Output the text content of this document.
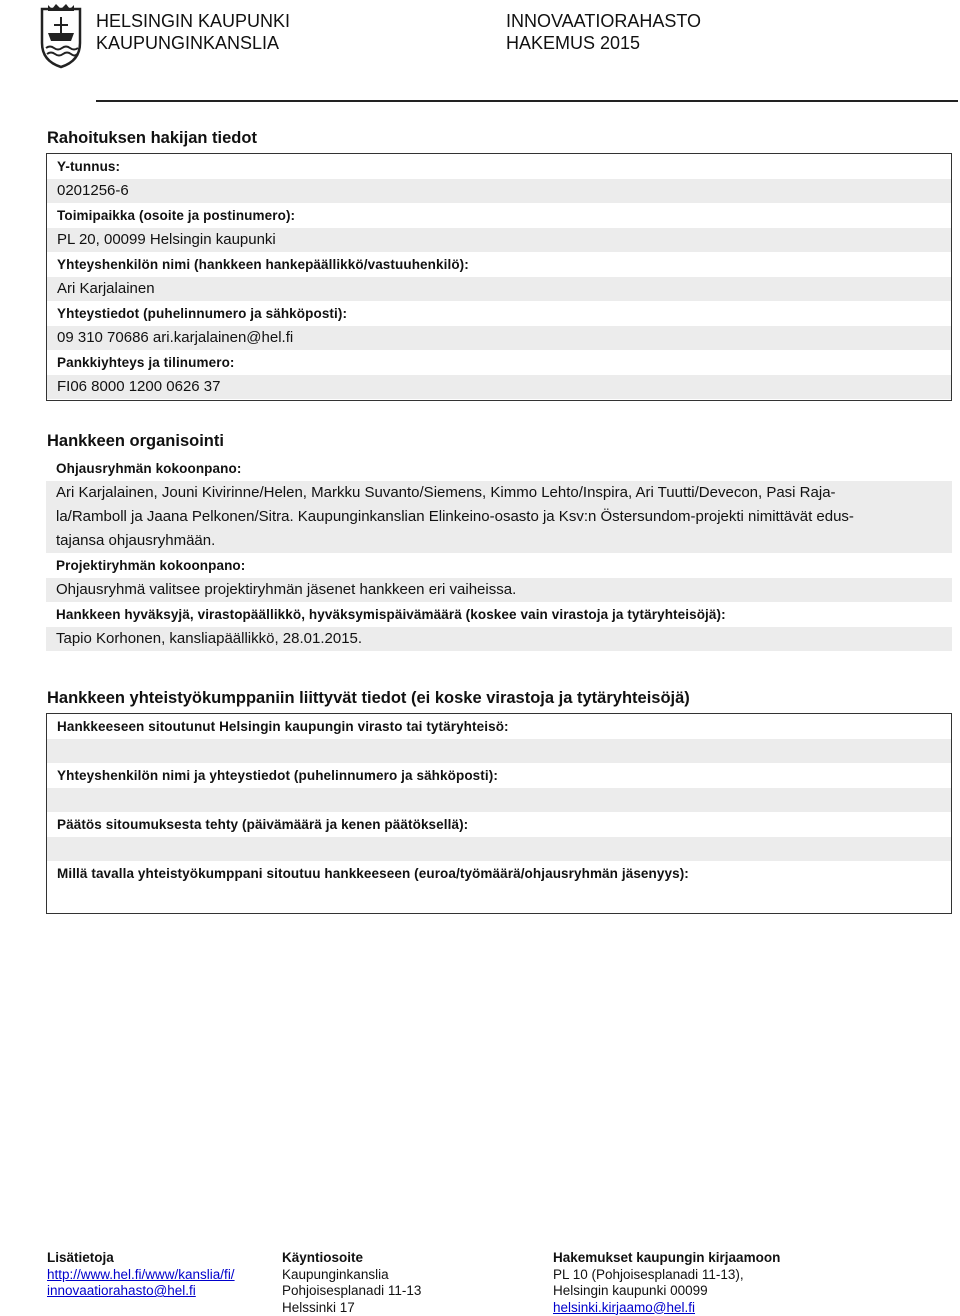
HELSINGIN KAUPUNKI
KAUPUNGINKANSLIA
INNOVAATIORAHASTO
HAKEMUS 2015
Rahoituksen hakijan tiedot
Y-tunnus:
0201256-6
Toimipaikka (osoite ja postinumero):
PL 20, 00099 Helsingin kaupunki
Yhteyshenkilön nimi (hankkeen hankepäällikkö/vastuuhenkilö):
Ari Karjalainen
Yhteystiedot (puhelinnumero ja sähköposti):
09 310 70686 ari.karjalainen@hel.fi
Pankkiyhteys ja tilinumero:
FI06 8000 1200 0626 37
Hankkeen organisointi
Ohjausryhmän kokoonpano:
Ari Karjalainen, Jouni Kivirinne/Helen, Markku Suvanto/Siemens, Kimmo Lehto/Inspira, Ari Tuutti/Devecon, Pasi Raja-
la/Ramboll ja Jaana Pelkonen/Sitra. Kaupunginkanslian Elinkeino-osasto ja Ksv:n Östersundom-projekti nimittävät edus-
tajansa ohjausryhmään.
Projektiryhmän kokoonpano:
Ohjausryhmä valitsee projektiryhmän jäsenet hankkeen eri vaiheissa.
Hankkeen hyväksyjä, virastopäällikkö, hyväksymispäivämäärä (koskee vain virastoja ja tytäryhteisöjä):
Tapio Korhonen, kansliapäällikkö, 28.01.2015.
Hankkeen yhteistyökumppaniin liittyvät tiedot (ei koske virastoja ja tytäryhteisöjä)
Hankkeeseen sitoutunut Helsingin kaupungin virasto tai tytäryhteisö:
Yhteyshenkilön nimi ja yhteystiedot (puhelinnumero ja sähköposti):
Päätös sitoumuksesta tehty (päivämäärä ja kenen päätöksellä):
Millä tavalla yhteistyökumppani sitoutuu hankkeeseen (euroa/työmäärä/ohjausryhmän jäsenyys):
Lisätietoja
http://www.hel.fi/www/kanslia/fi/
innovaatiorahasto@hel.fi
Käyntiosoite
Kaupunginkanslia
Pohjoisesplanadi 11-13
Helssinki 17
Hakemukset kaupungin kirjaamoon
PL 10 (Pohjoisesplanadi 11-13),
Helsingin kaupunki 00099
helsinki.kirjaamo@hel.fi
